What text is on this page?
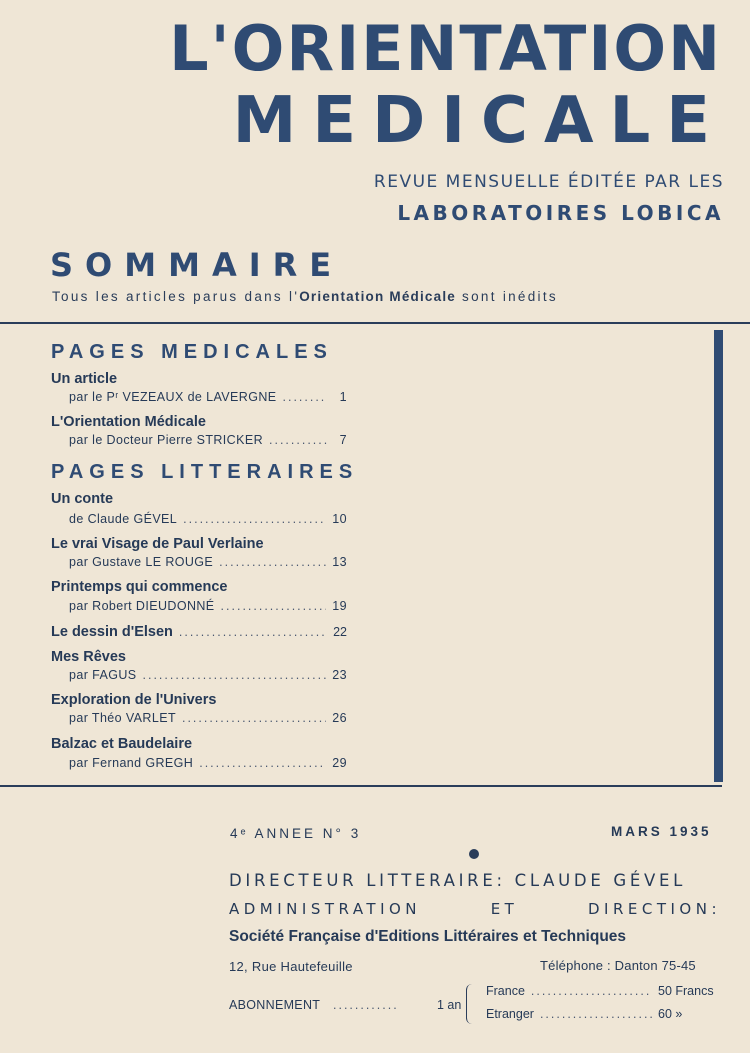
L'ORIENTATION
MEDICALE
REVUE MENSUELLE ÉDITÉE PAR LES
LABORATOIRES LOBICA
SOMMAIRE
Tous les articles parus dans l'Orientation Médicale sont inédits
PAGES MEDICALES
Un article
par le Pʳ VEZEAUX de LAVERGNE .....	1
L'Orientation Médicale
par le Docteur Pierre STRICKER .....	7
PAGES LITTERAIRES
Un conte
de Claude GÉVEL .....	10
Le vrai Visage de Paul Verlaine
par Gustave LE ROUGE .....	13
Printemps qui commence
par Robert DIEUDONNÉ .....	19
Le dessin d'Elsen .....	22
Mes Rêves
par FAGUS .....	23
Exploration de l'Univers
par Théo VARLET .....	26
Balzac et Baudelaire
par Fernand GREGH .....	29
4ᵉ ANNEE N° 3	MARS 1935
DIRECTEUR LITTERAIRE: CLAUDE GÉVEL
ADMINISTRATION	ET	DIRECTION:
Société Française d'Editions Littéraires et Techniques
12, Rue Hautefeuille	Téléphone : Danton 75-45
ABONNEMENT ............	1 an
France .....	50 Francs
Etranger .....	60 »
